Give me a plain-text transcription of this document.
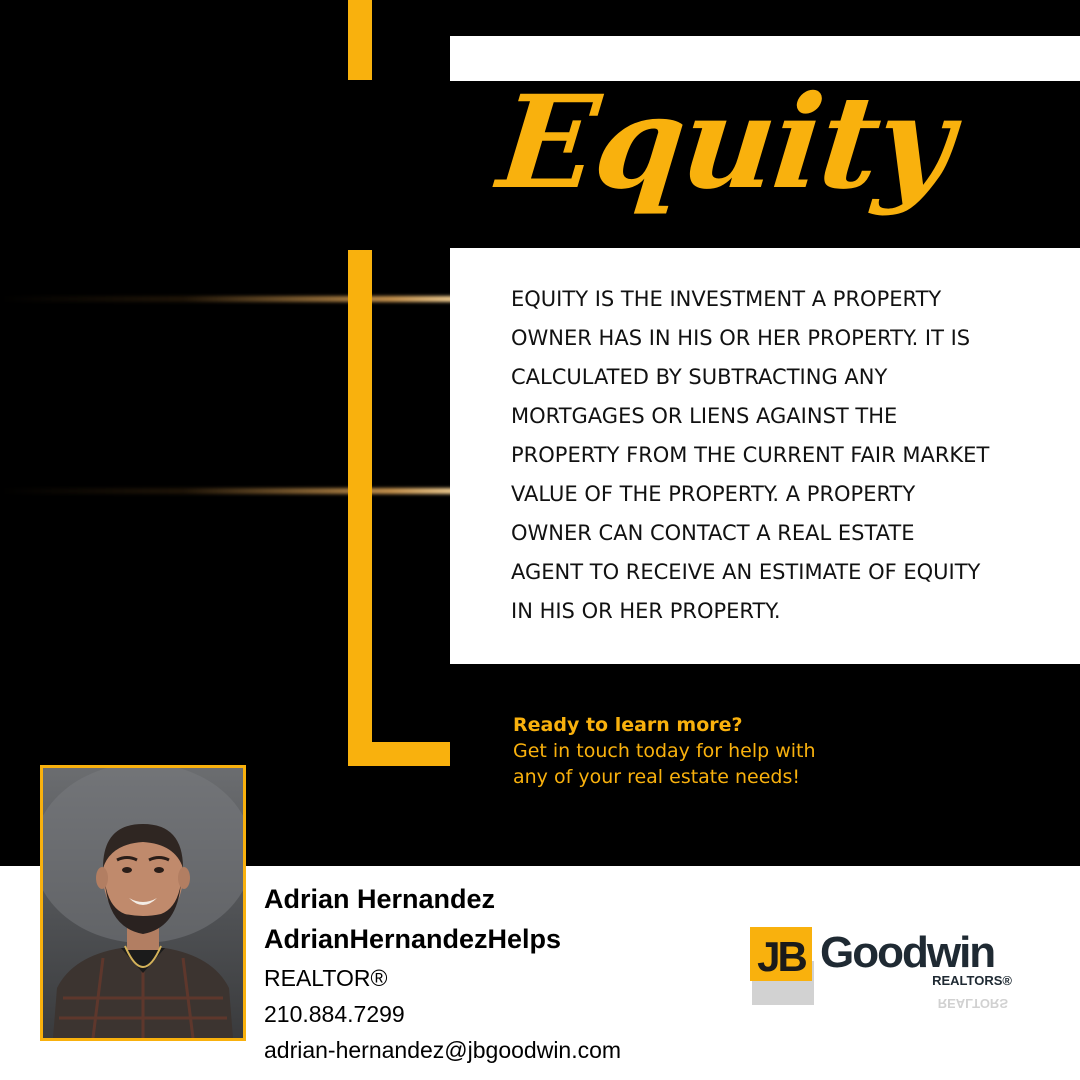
Equity
EQUITY IS THE INVESTMENT A PROPERTY
OWNER HAS IN HIS OR HER PROPERTY. IT IS
CALCULATED BY SUBTRACTING ANY
MORTGAGES OR LIENS AGAINST THE
PROPERTY FROM THE CURRENT FAIR MARKET
VALUE OF THE PROPERTY. A PROPERTY
OWNER CAN CONTACT A REAL ESTATE
AGENT TO RECEIVE AN ESTIMATE OF EQUITY
IN HIS OR HER PROPERTY.
Ready to learn more?
Get in touch today for help with
any of your real estate needs!
Adrian Hernandez
AdrianHernandezHelps
REALTOR®
210.884.7299
adrian-hernandez@jbgoodwin.com
JB Goodwin
REALTORS®
REALTORS
